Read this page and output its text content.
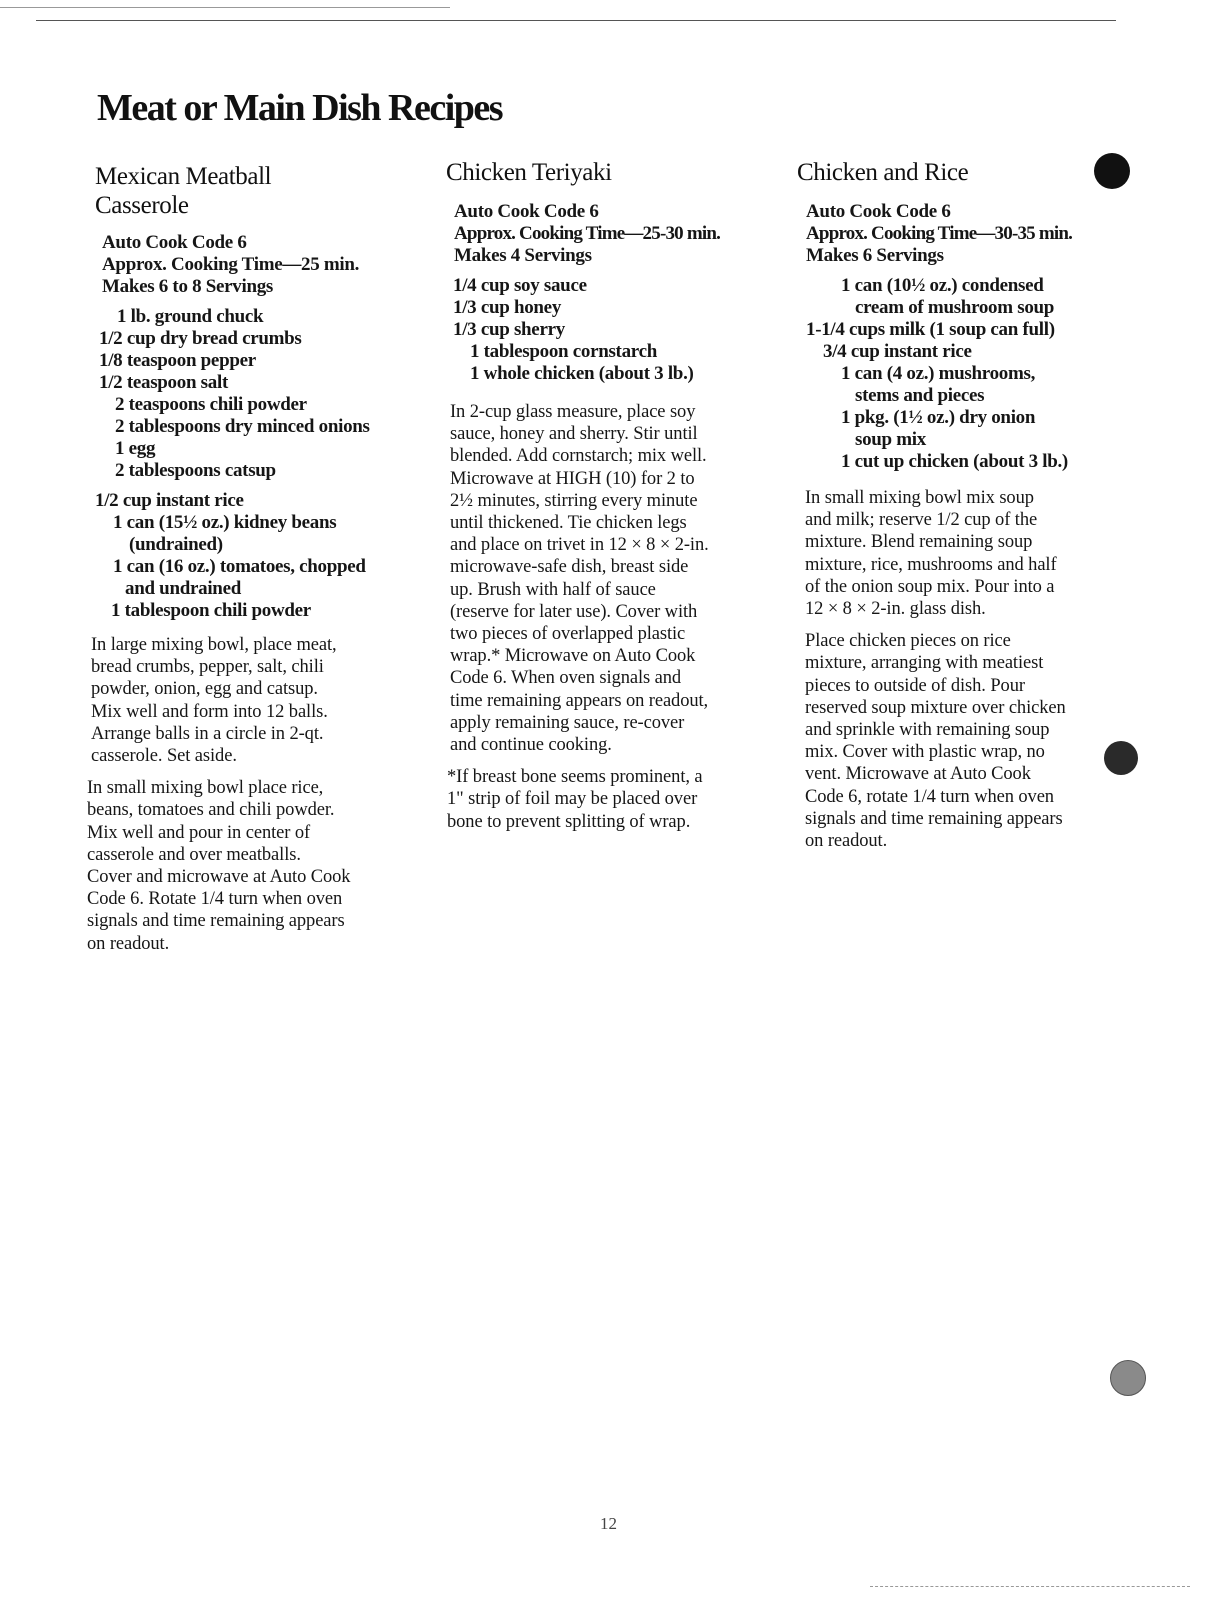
Meat or Main Dish Recipes
Mexican Meatball
Casserole
Auto Cook Code 6
Approx. Cooking Time—25 min.
Makes 6 to 8 Servings
1 lb. ground chuck
1/2 cup dry bread crumbs
1/8 teaspoon pepper
1/2 teaspoon salt
2 teaspoons chili powder
2 tablespoons dry minced onions
1 egg
2 tablespoons catsup
1/2 cup instant rice
1 can (15½ oz.) kidney beans
(undrained)
1 can (16 oz.) tomatoes, chopped
and undrained
1 tablespoon chili powder
In large mixing bowl, place meat,
bread crumbs, pepper, salt, chili
powder, onion, egg and catsup.
Mix well and form into 12 balls.
Arrange balls in a circle in 2-qt.
casserole. Set aside.
In small mixing bowl place rice,
beans, tomatoes and chili powder.
Mix well and pour in center of
casserole and over meatballs.
Cover and microwave at Auto Cook
Code 6. Rotate 1/4 turn when oven
signals and time remaining appears
on readout.
Chicken Teriyaki
Auto Cook Code 6
Approx. Cooking Time—25-30 min.
Makes 4 Servings
1/4 cup soy sauce
1/3 cup honey
1/3 cup sherry
1 tablespoon cornstarch
1 whole chicken (about 3 lb.)
In 2-cup glass measure, place soy
sauce, honey and sherry. Stir until
blended. Add cornstarch; mix well.
Microwave at HIGH (10) for 2 to
2½ minutes, stirring every minute
until thickened. Tie chicken legs
and place on trivet in 12 × 8 × 2-in.
microwave-safe dish, breast side
up. Brush with half of sauce
(reserve for later use). Cover with
two pieces of overlapped plastic
wrap.* Microwave on Auto Cook
Code 6. When oven signals and
time remaining appears on readout,
apply remaining sauce, re-cover
and continue cooking.
*If breast bone seems prominent, a
1" strip of foil may be placed over
bone to prevent splitting of wrap.
Chicken and Rice
Auto Cook Code 6
Approx. Cooking Time—30-35 min.
Makes 6 Servings
1 can (10½ oz.) condensed
cream of mushroom soup
1-1/4 cups milk (1 soup can full)
3/4 cup instant rice
1 can (4 oz.) mushrooms,
stems and pieces
1 pkg. (1½ oz.) dry onion
soup mix
1 cut up chicken (about 3 lb.)
In small mixing bowl mix soup
and milk; reserve 1/2 cup of the
mixture. Blend remaining soup
mixture, rice, mushrooms and half
of the onion soup mix. Pour into a
12 × 8 × 2-in. glass dish.
Place chicken pieces on rice
mixture, arranging with meatiest
pieces to outside of dish. Pour
reserved soup mixture over chicken
and sprinkle with remaining soup
mix. Cover with plastic wrap, no
vent. Microwave at Auto Cook
Code 6, rotate 1/4 turn when oven
signals and time remaining appears
on readout.
12
